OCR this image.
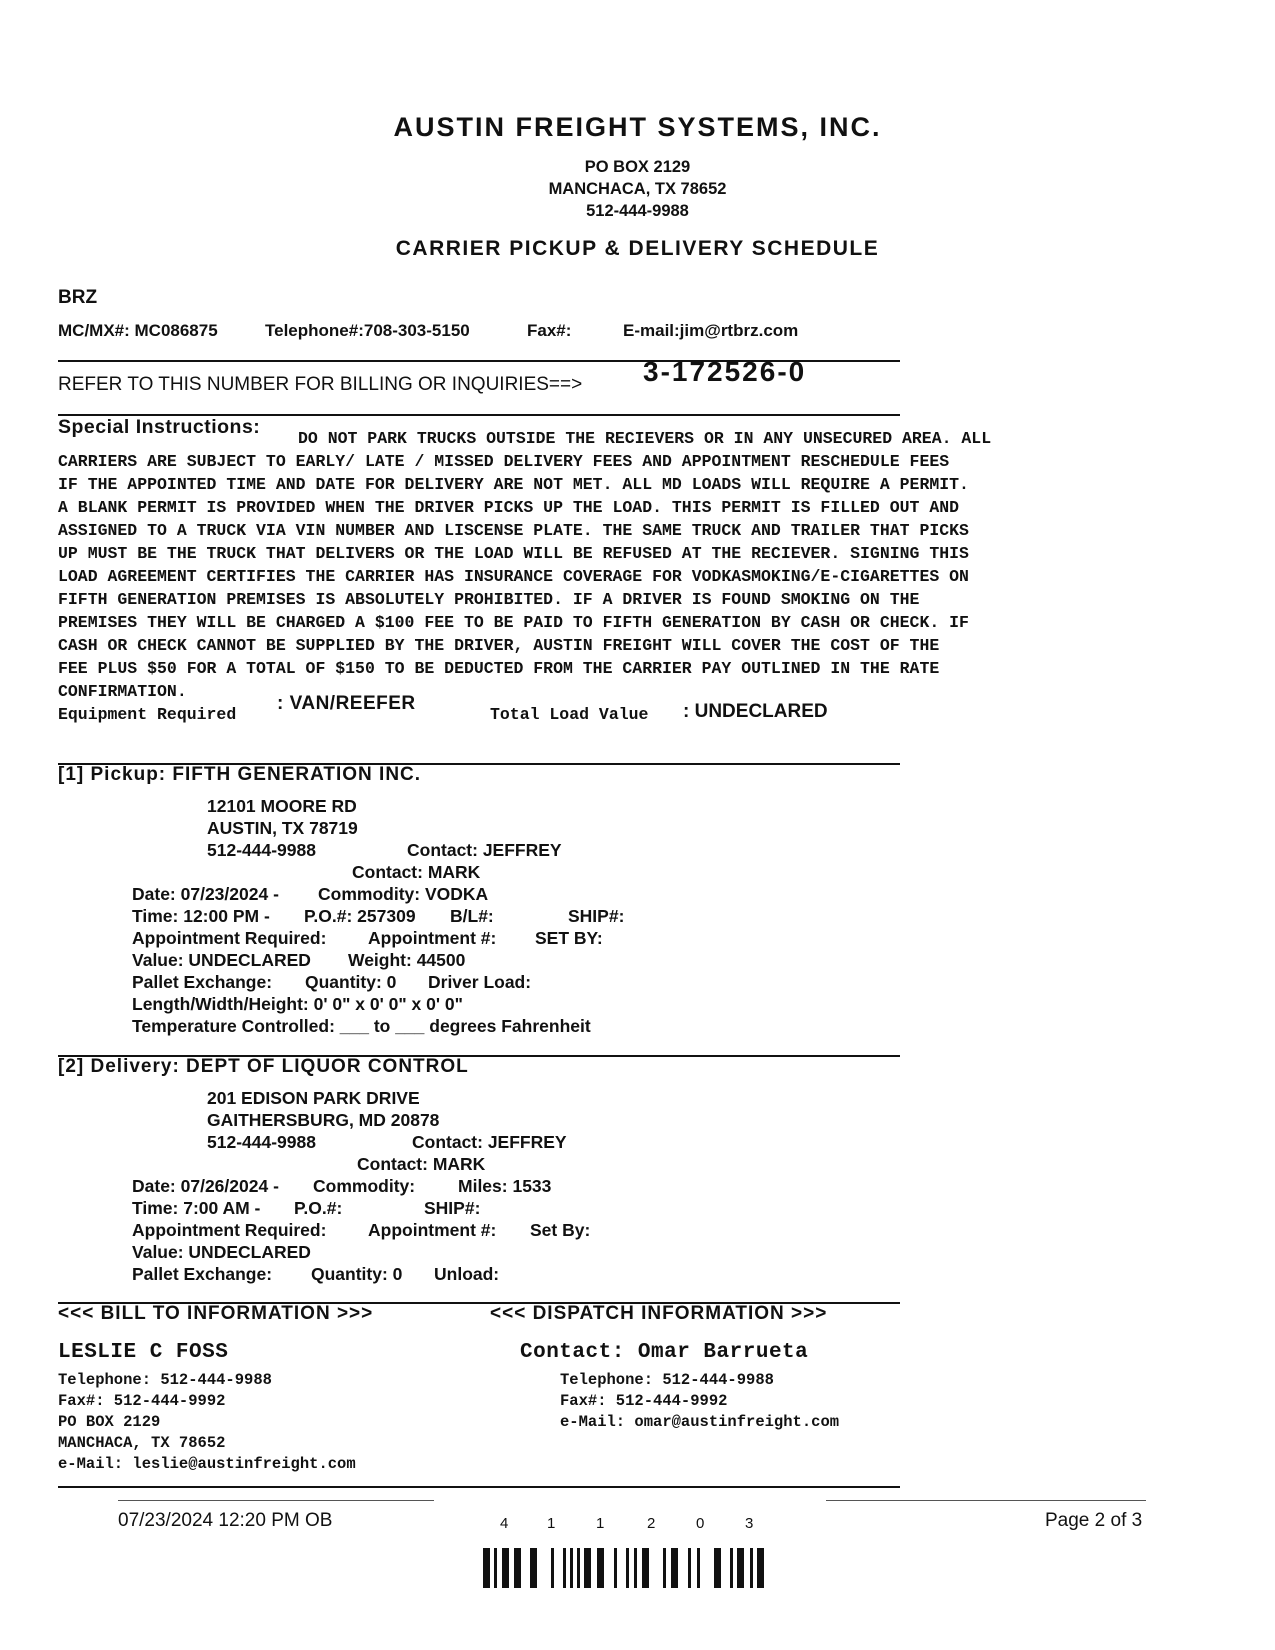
AUSTIN FREIGHT SYSTEMS, INC.
PO BOX 2129
MANCHACA, TX 78652
512-444-9988
CARRIER PICKUP & DELIVERY SCHEDULE
BRZ
MC/MX#: MC086875	Telephone#:708-303-5150	Fax#:	E-mail:jim@rtbrz.com
REFER TO THIS NUMBER FOR BILLING OR INQUIRIES==> 3-172526-0
Special Instructions:
DO NOT PARK TRUCKS OUTSIDE THE RECIEVERS OR IN ANY UNSECURED AREA. ALL
CARRIERS ARE SUBJECT TO EARLY/ LATE / MISSED DELIVERY FEES AND APPOINTMENT RESCHEDULE FEES
IF THE APPOINTED TIME AND DATE FOR DELIVERY ARE NOT MET. ALL MD LOADS WILL REQUIRE A PERMIT.
A BLANK PERMIT IS PROVIDED WHEN THE DRIVER PICKS UP THE LOAD. THIS PERMIT IS FILLED OUT AND
ASSIGNED TO A TRUCK VIA VIN NUMBER AND LISCENSE PLATE. THE SAME TRUCK AND TRAILER THAT PICKS
UP MUST BE THE TRUCK THAT DELIVERS OR THE LOAD WILL BE REFUSED AT THE RECIEVER. SIGNING THIS
LOAD AGREEMENT CERTIFIES THE CARRIER HAS INSURANCE COVERAGE FOR VODKASMOKING/E-CIGARETTES ON
FIFTH GENERATION PREMISES IS ABSOLUTELY PROHIBITED. IF A DRIVER IS FOUND SMOKING ON THE
PREMISES THEY WILL BE CHARGED A $100 FEE TO BE PAID TO FIFTH GENERATION BY CASH OR CHECK. IF
CASH OR CHECK CANNOT BE SUPPLIED BY THE DRIVER, AUSTIN FREIGHT WILL COVER THE COST OF THE
FEE PLUS $50 FOR A TOTAL OF $150 TO BE DEDUCTED FROM THE CARRIER PAY OUTLINED IN THE RATE
CONFIRMATION.
Equipment Required
: VAN/REEFER
Total Load Value : UNDECLARED
[1] Pickup: FIFTH GENERATION INC.
12101 MOORE RD
AUSTIN, TX 78719
512-444-9988	Contact: JEFFREY
Contact: MARK
Date: 07/23/2024 - Commodity: VODKA
Time: 12:00 PM - P.O.#: 257309 B/L#:	SHIP#:
Appointment Required: Appointment #: SET BY:
Value: UNDECLARED Weight: 44500
Pallet Exchange: Quantity: 0 Driver Load:
Length/Width/Height: 0' 0" x 0' 0" x 0' 0"
Temperature Controlled: ___ to ___ degrees Fahrenheit
[2] Delivery: DEPT OF LIQUOR CONTROL
201 EDISON PARK DRIVE
GAITHERSBURG, MD 20878
512-444-9988	Contact: JEFFREY
Contact: MARK
Date: 07/26/2024 - Commodity: Miles: 1533
Time: 7:00 AM - P.O.#:	SHIP#:
Appointment Required: Appointment #: Set By:
Value: UNDECLARED
Pallet Exchange: Quantity: 0 Unload:
<<< BILL TO INFORMATION >>>	<<< DISPATCH INFORMATION >>>
LESLIE C FOSS
Telephone: 512-444-9988
Fax#: 512-444-9992
PO BOX 2129
MANCHACA, TX 78652
e-Mail: leslie@austinfreight.com
Contact: Omar Barrueta
Telephone: 512-444-9988
Fax#: 512-444-9992
e-Mail: omar@austinfreight.com
07/23/2024 12:20 PM OB	Page 2 of 3
4	1	1	2	0	3
